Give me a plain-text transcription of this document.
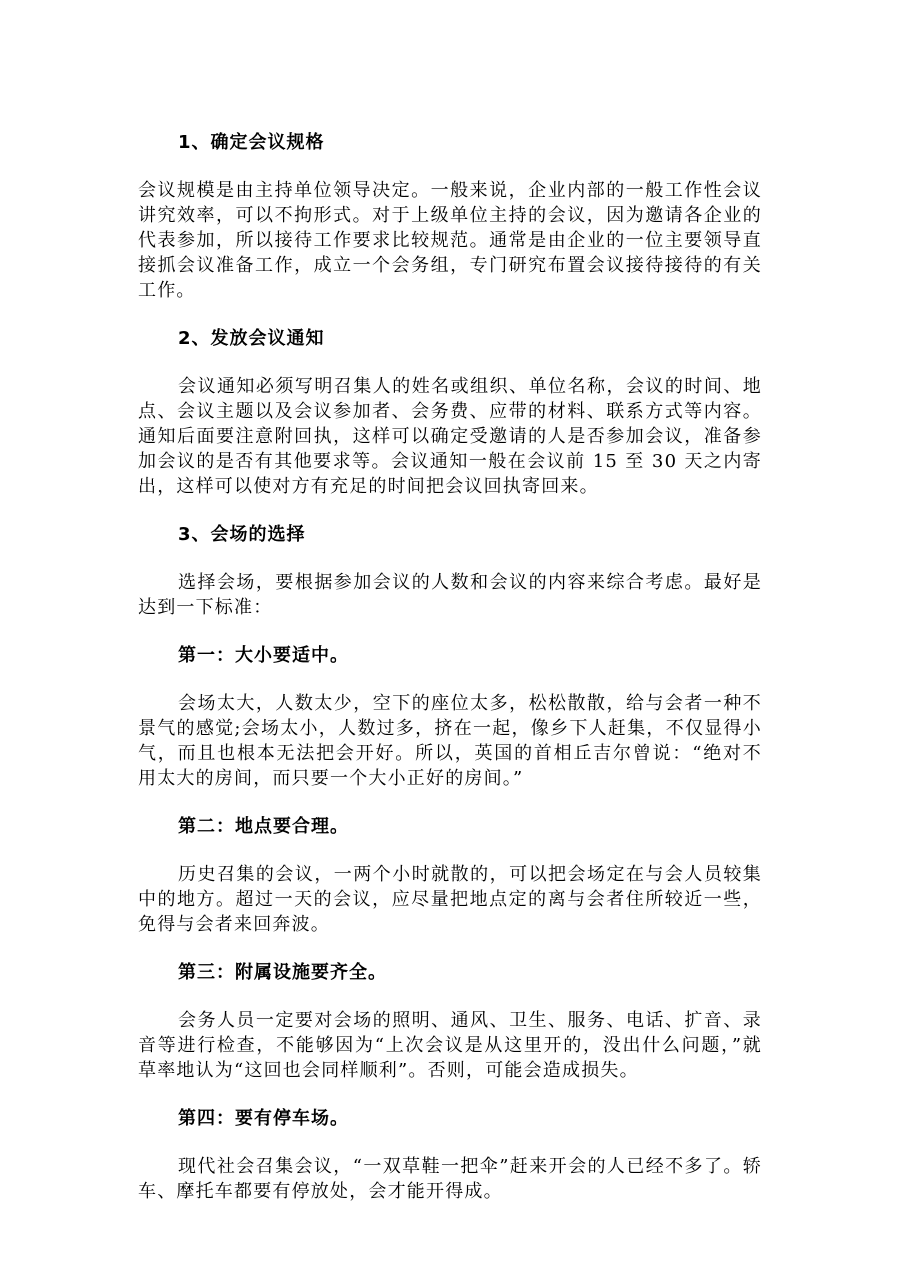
1、确定会议规格
会议规模是由主持单位领导决定。一般来说，企业内部的一般工作性会议讲究效率，可以不拘形式。对于上级单位主持的会议，因为邀请各企业的代表参加，所以接待工作要求比较规范。通常是由企业的一位主要领导直接抓会议准备工作，成立一个会务组，专门研究布置会议接待接待的有关工作。
2、发放会议通知
会议通知必须写明召集人的姓名或组织、单位名称，会议的时间、地点、会议主题以及会议参加者、会务费、应带的材料、联系方式等内容。通知后面要注意附回执，这样可以确定受邀请的人是否参加会议，准备参加会议的是否有其他要求等。会议通知一般在会议前 15 至 30 天之内寄出，这样可以使对方有充足的时间把会议回执寄回来。
3、会场的选择
选择会场，要根据参加会议的人数和会议的内容来综合考虑。最好是达到一下标准：
第一：大小要适中。
会场太大，人数太少，空下的座位太多，松松散散，给与会者一种不景气的感觉;会场太小，人数过多，挤在一起，像乡下人赶集，不仅显得小气，而且也根本无法把会开好。所以，英国的首相丘吉尔曾说：“绝对不用太大的房间，而只要一个大小正好的房间。”
第二：地点要合理。
历史召集的会议，一两个小时就散的，可以把会场定在与会人员较集中的地方。超过一天的会议，应尽量把地点定的离与会者住所较近一些，免得与会者来回奔波。
第三：附属设施要齐全。
会务人员一定要对会场的照明、通风、卫生、服务、电话、扩音、录音等进行检查，不能够因为“上次会议是从这里开的，没出什么问题，”就草率地认为“这回也会同样顺利”。否则，可能会造成损失。
第四：要有停车场。
现代社会召集会议，“一双草鞋一把伞”赶来开会的人已经不多了。轿车、摩托车都要有停放处，会才能开得成。
